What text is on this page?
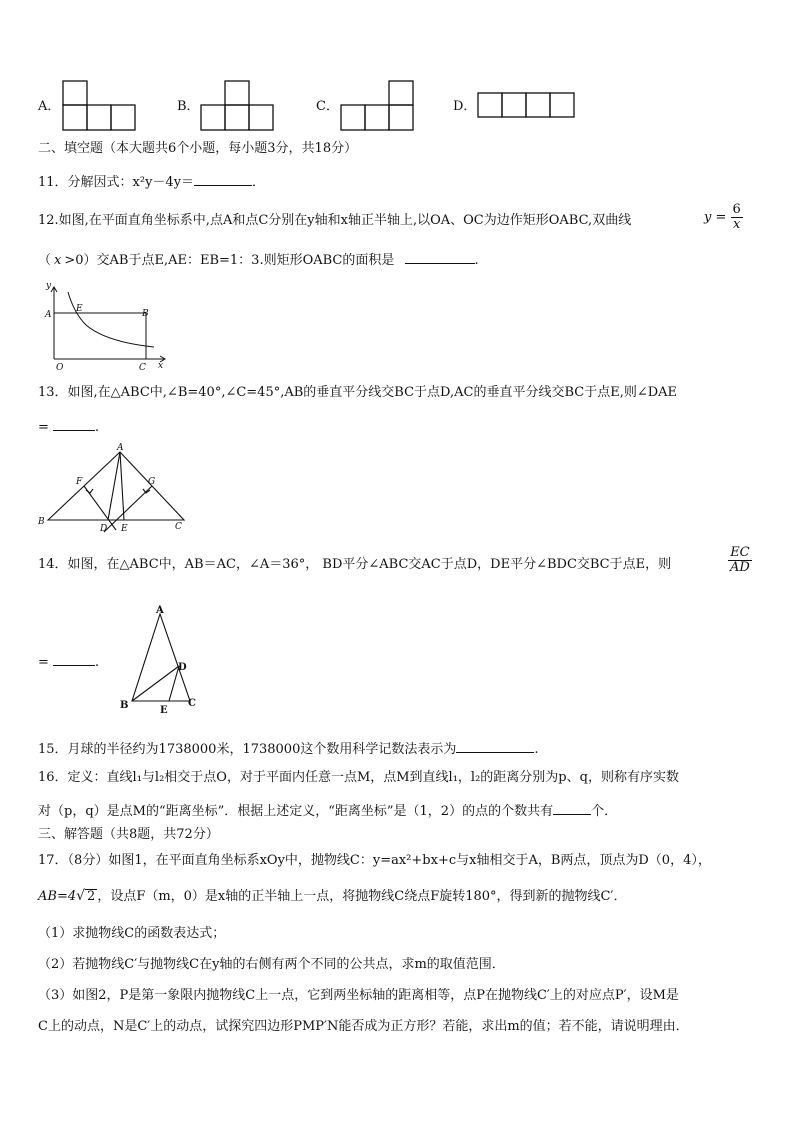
A．	B．	C．	D．
二、填空题（本大题共6个小题，每小题3分，共18分）
11．分解因式：x²y－4y＝	．
12.如图,在平面直角坐标系中,点A和点C分别在y轴和x轴正半轴上,以OA、OC为边作矩形OABC,双曲线	$y = \frac{6}{x}$
（ x >0）交AB于点E,AE：EB=1：3.则矩形OABC的面积是	.
y
A
E	B
O	C x
13．如图,在△ABC中,∠B=40°,∠C=45°,AB的垂直平分线交BC于点D,AC的垂直平分线交BC于点E,则∠DAE
=	.
A
F	G
B
D E	C
14．如图，在△ABC中，AB＝AC，∠A＝36°， BD平分∠ABC交AC于点D，DE平分∠BDC交BC于点E，则	$\frac{EC}{AD}$
=	.
A
D
B	E
C
15．月球的半径约为1738000米，1738000这个数用科学记数法表示为	.
16．定义：直线l₁与l₂相交于点O，对于平面内任意一点M，点M到直线l₁，l₂的距离分别为p、q，则称有序实数
对（p，q）是点M的“距离坐标”．根据上述定义，“距离坐标”是（1，2）的点的个数共有	个．
三、解答题（共8题，共72分）
17．（8分）如图1，在平面直角坐标系xOy中，抛物线C：y=ax²+bx+c与x轴相交于A，B两点，顶点为D（0，4），
AB=4√ 2 ，设点F（m，0）是x轴的正半轴上一点，将抛物线C绕点F旋转180°，得到新的抛物线C′．
（1）求抛物线C的函数表达式；
（2）若抛物线C′与抛物线C在y轴的右侧有两个不同的公共点，求m的取值范围．
（3）如图2，P是第一象限内抛物线C上一点，它到两坐标轴的距离相等，点P在抛物线C′上的对应点P′，设M是
C上的动点，N是C′上的动点，试探究四边形PMP′N能否成为正方形？若能，求出m的值；若不能，请说明理由．
